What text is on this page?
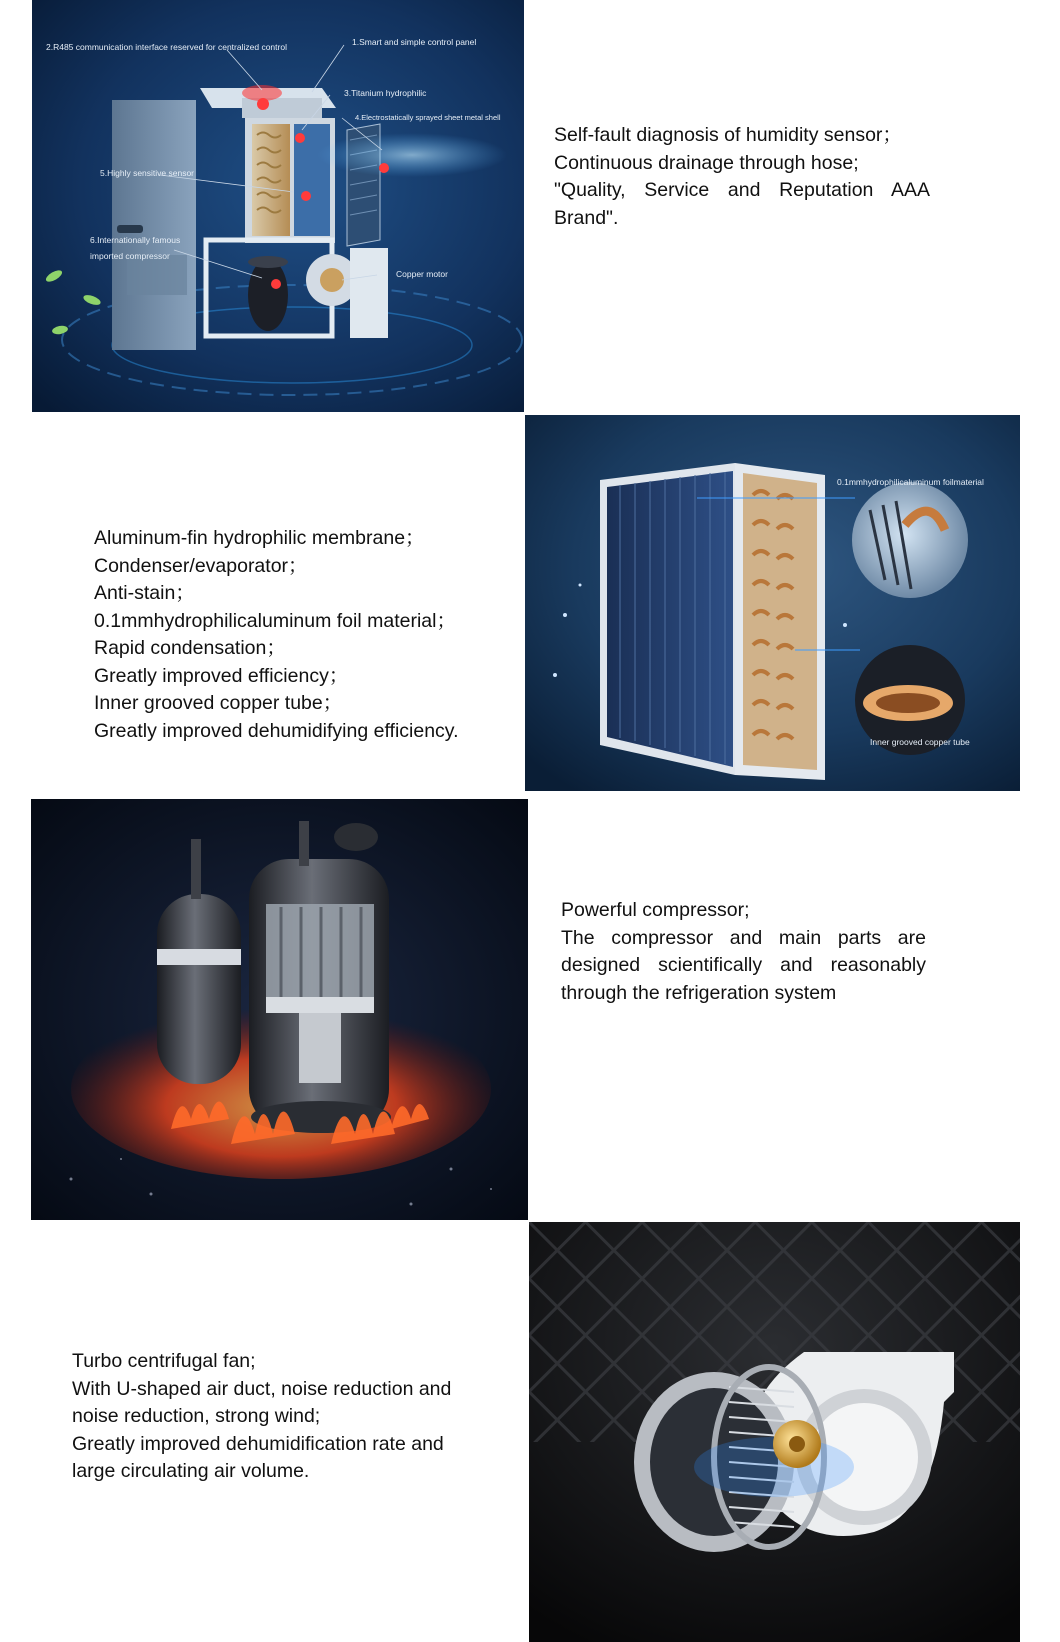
1.Smart and simple control panel
2.R485 communication interface reserved for centralized control
3.Titanium hydrophilic
4.Electrostatically sprayed sheet metal shell
5.Highly sensitive sensor
6.Internationally famous
imported compressor
Copper motor

Self-fault diagnosis of humidity sensor；

Continuous drainage through hose;

"Quality, Service and Reputation AAA Brand".

Aluminum-fin hydrophilic membrane；

Condenser/evaporator；

Anti-stain；

0.1mmhydrophilicaluminum foil material；

Rapid condensation；

Greatly improved efficiency；

Inner grooved copper tube；

Greatly improved dehumidifying efficiency.

0.1mmhydrophilicaluminum foilmaterial
Inner grooved copper tube

Powerful compressor;

The compressor and main parts are designed scientifically and reasonably through the refrigeration system

Turbo centrifugal fan;

With U-shaped air duct, noise reduction and noise reduction, strong wind;

Greatly improved dehumidification rate and large circulating air volume.
